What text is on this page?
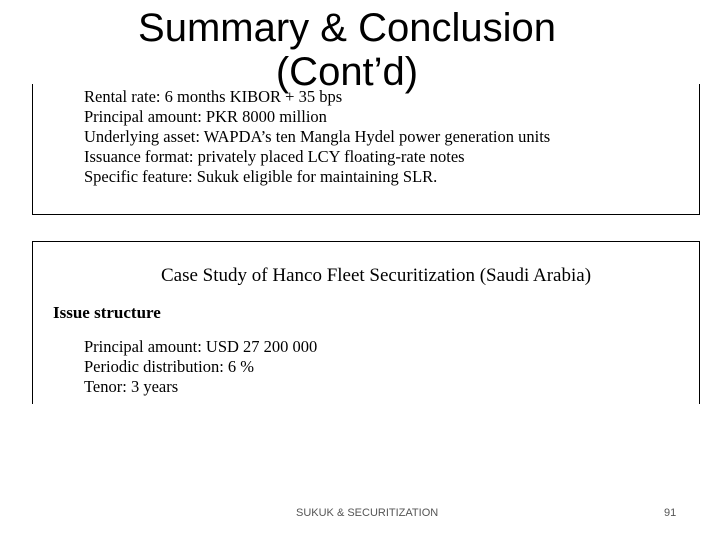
Summary & Conclusion
(Cont’d)
Rental rate: 6 months KIBOR + 35 bps
Principal amount: PKR 8000 million
Underlying asset: WAPDA’s ten Mangla Hydel power generation units
Issuance format: privately placed LCY floating-rate notes
Specific feature: Sukuk eligible for maintaining SLR.
Case Study of Hanco Fleet Securitization (Saudi Arabia)
Issue structure
Principal amount: USD 27 200 000
Periodic distribution: 6 %
Tenor: 3 years
SUKUK & SECURITIZATION	91
